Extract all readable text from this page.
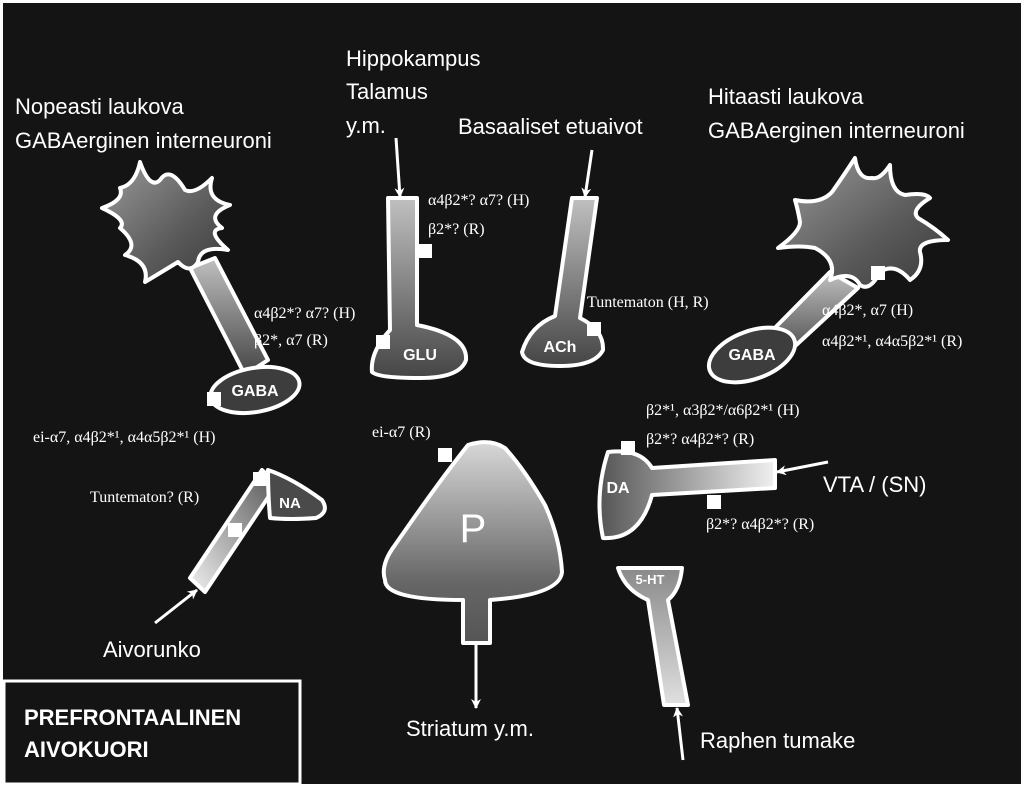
GABA
GLU	ACh	GABA
NA
P
DA
5-HT
Nopeasti laukova
GABAerginen interneuroni
Hippokampus
Talamus
y.m.	Basaaliset etuaivot
Hitaasti laukova
GABAerginen interneuroni
VTA / (SN)
Aivorunko
Striatum y.m.	Raphen tumake
α4β2*? α7? (H)
β2*? (R)
α4β2*? α7? (H)
β2*, α7 (R)
Tuntematon (H, R)	α4β2*, α7 (H)
α4β2*¹, α4α5β2*¹ (R)
ei-α7, α4β2*¹, α4α5β2*¹ (H)	ei-α7 (R)
β2*¹, α3β2*/α6β2*¹ (H)
β2*? α4β2*? (R)
β2*? α4β2*? (R)
Tuntematon? (R)
PREFRONTAALINEN
AIVOKUORI
